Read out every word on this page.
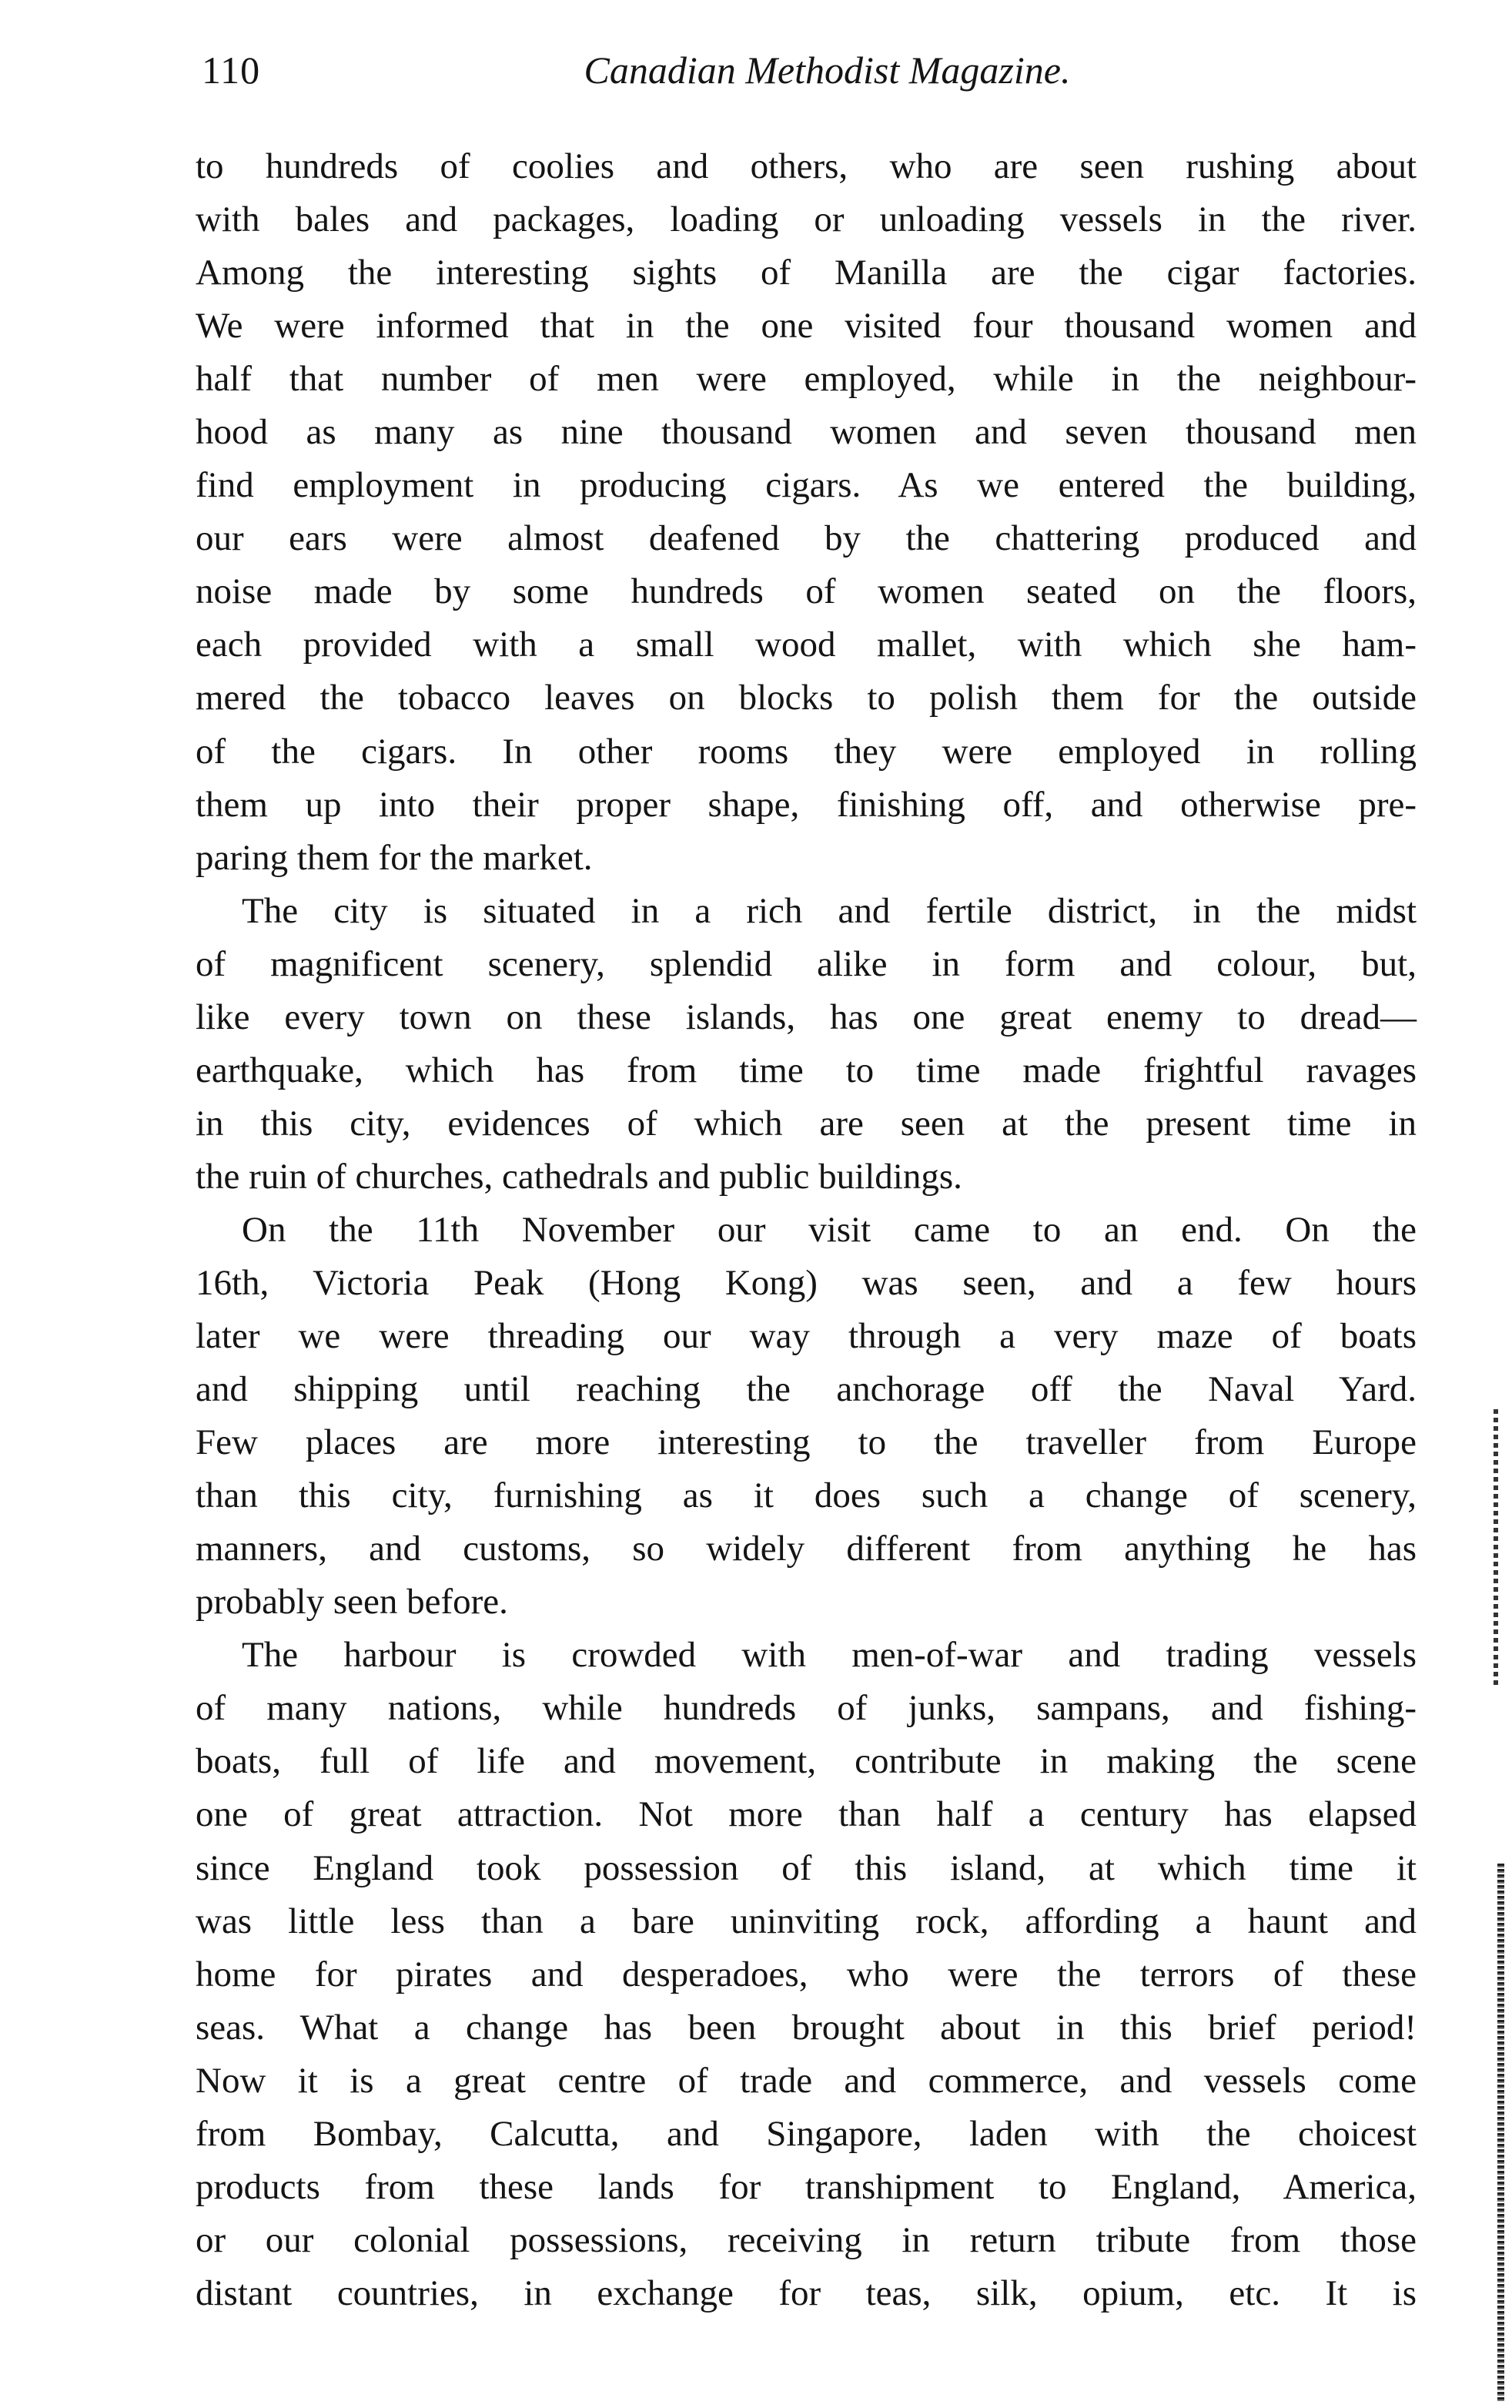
110	Canadian Methodist Magazine.
to hundreds of coolies and others, who are seen rushing about
with bales and packages, loading or unloading vessels in the river.
Among the interesting sights of Manilla are the cigar factories.
We were informed that in the one visited four thousand women and
half that number of men were employed, while in the neighbour-
hood as many as nine thousand women and seven thousand men
find employment in producing cigars. As we entered the building,
our ears were almost deafened by the chattering produced and
noise made by some hundreds of women seated on the floors,
each provided with a small wood mallet, with which she ham-
mered the tobacco leaves on blocks to polish them for the outside
of the cigars. In other rooms they were employed in rolling
them up into their proper shape, finishing off, and otherwise pre-
paring them for the market.
The city is situated in a rich and fertile district, in the midst
of magnificent scenery, splendid alike in form and colour, but,
like every town on these islands, has one great enemy to dread—
earthquake, which has from time to time made frightful ravages
in this city, evidences of which are seen at the present time in
the ruin of churches, cathedrals and public buildings.
On the 11th November our visit came to an end. On the
16th, Victoria Peak (Hong Kong) was seen, and a few hours
later we were threading our way through a very maze of boats
and shipping until reaching the anchorage off the Naval Yard.
Few places are more interesting to the traveller from Europe
than this city, furnishing as it does such a change of scenery,
manners, and customs, so widely different from anything he has
probably seen before.
The harbour is crowded with men-of-war and trading vessels
of many nations, while hundreds of junks, sampans, and fishing-
boats, full of life and movement, contribute in making the scene
one of great attraction. Not more than half a century has elapsed
since England took possession of this island, at which time it
was little less than a bare uninviting rock, affording a haunt and
home for pirates and desperadoes, who were the terrors of these
seas. What a change has been brought about in this brief period!
Now it is a great centre of trade and commerce, and vessels come
from Bombay, Calcutta, and Singapore, laden with the choicest
products from these lands for transhipment to England, America,
or our colonial possessions, receiving in return tribute from those
distant countries, in exchange for teas, silk, opium, etc. It is
